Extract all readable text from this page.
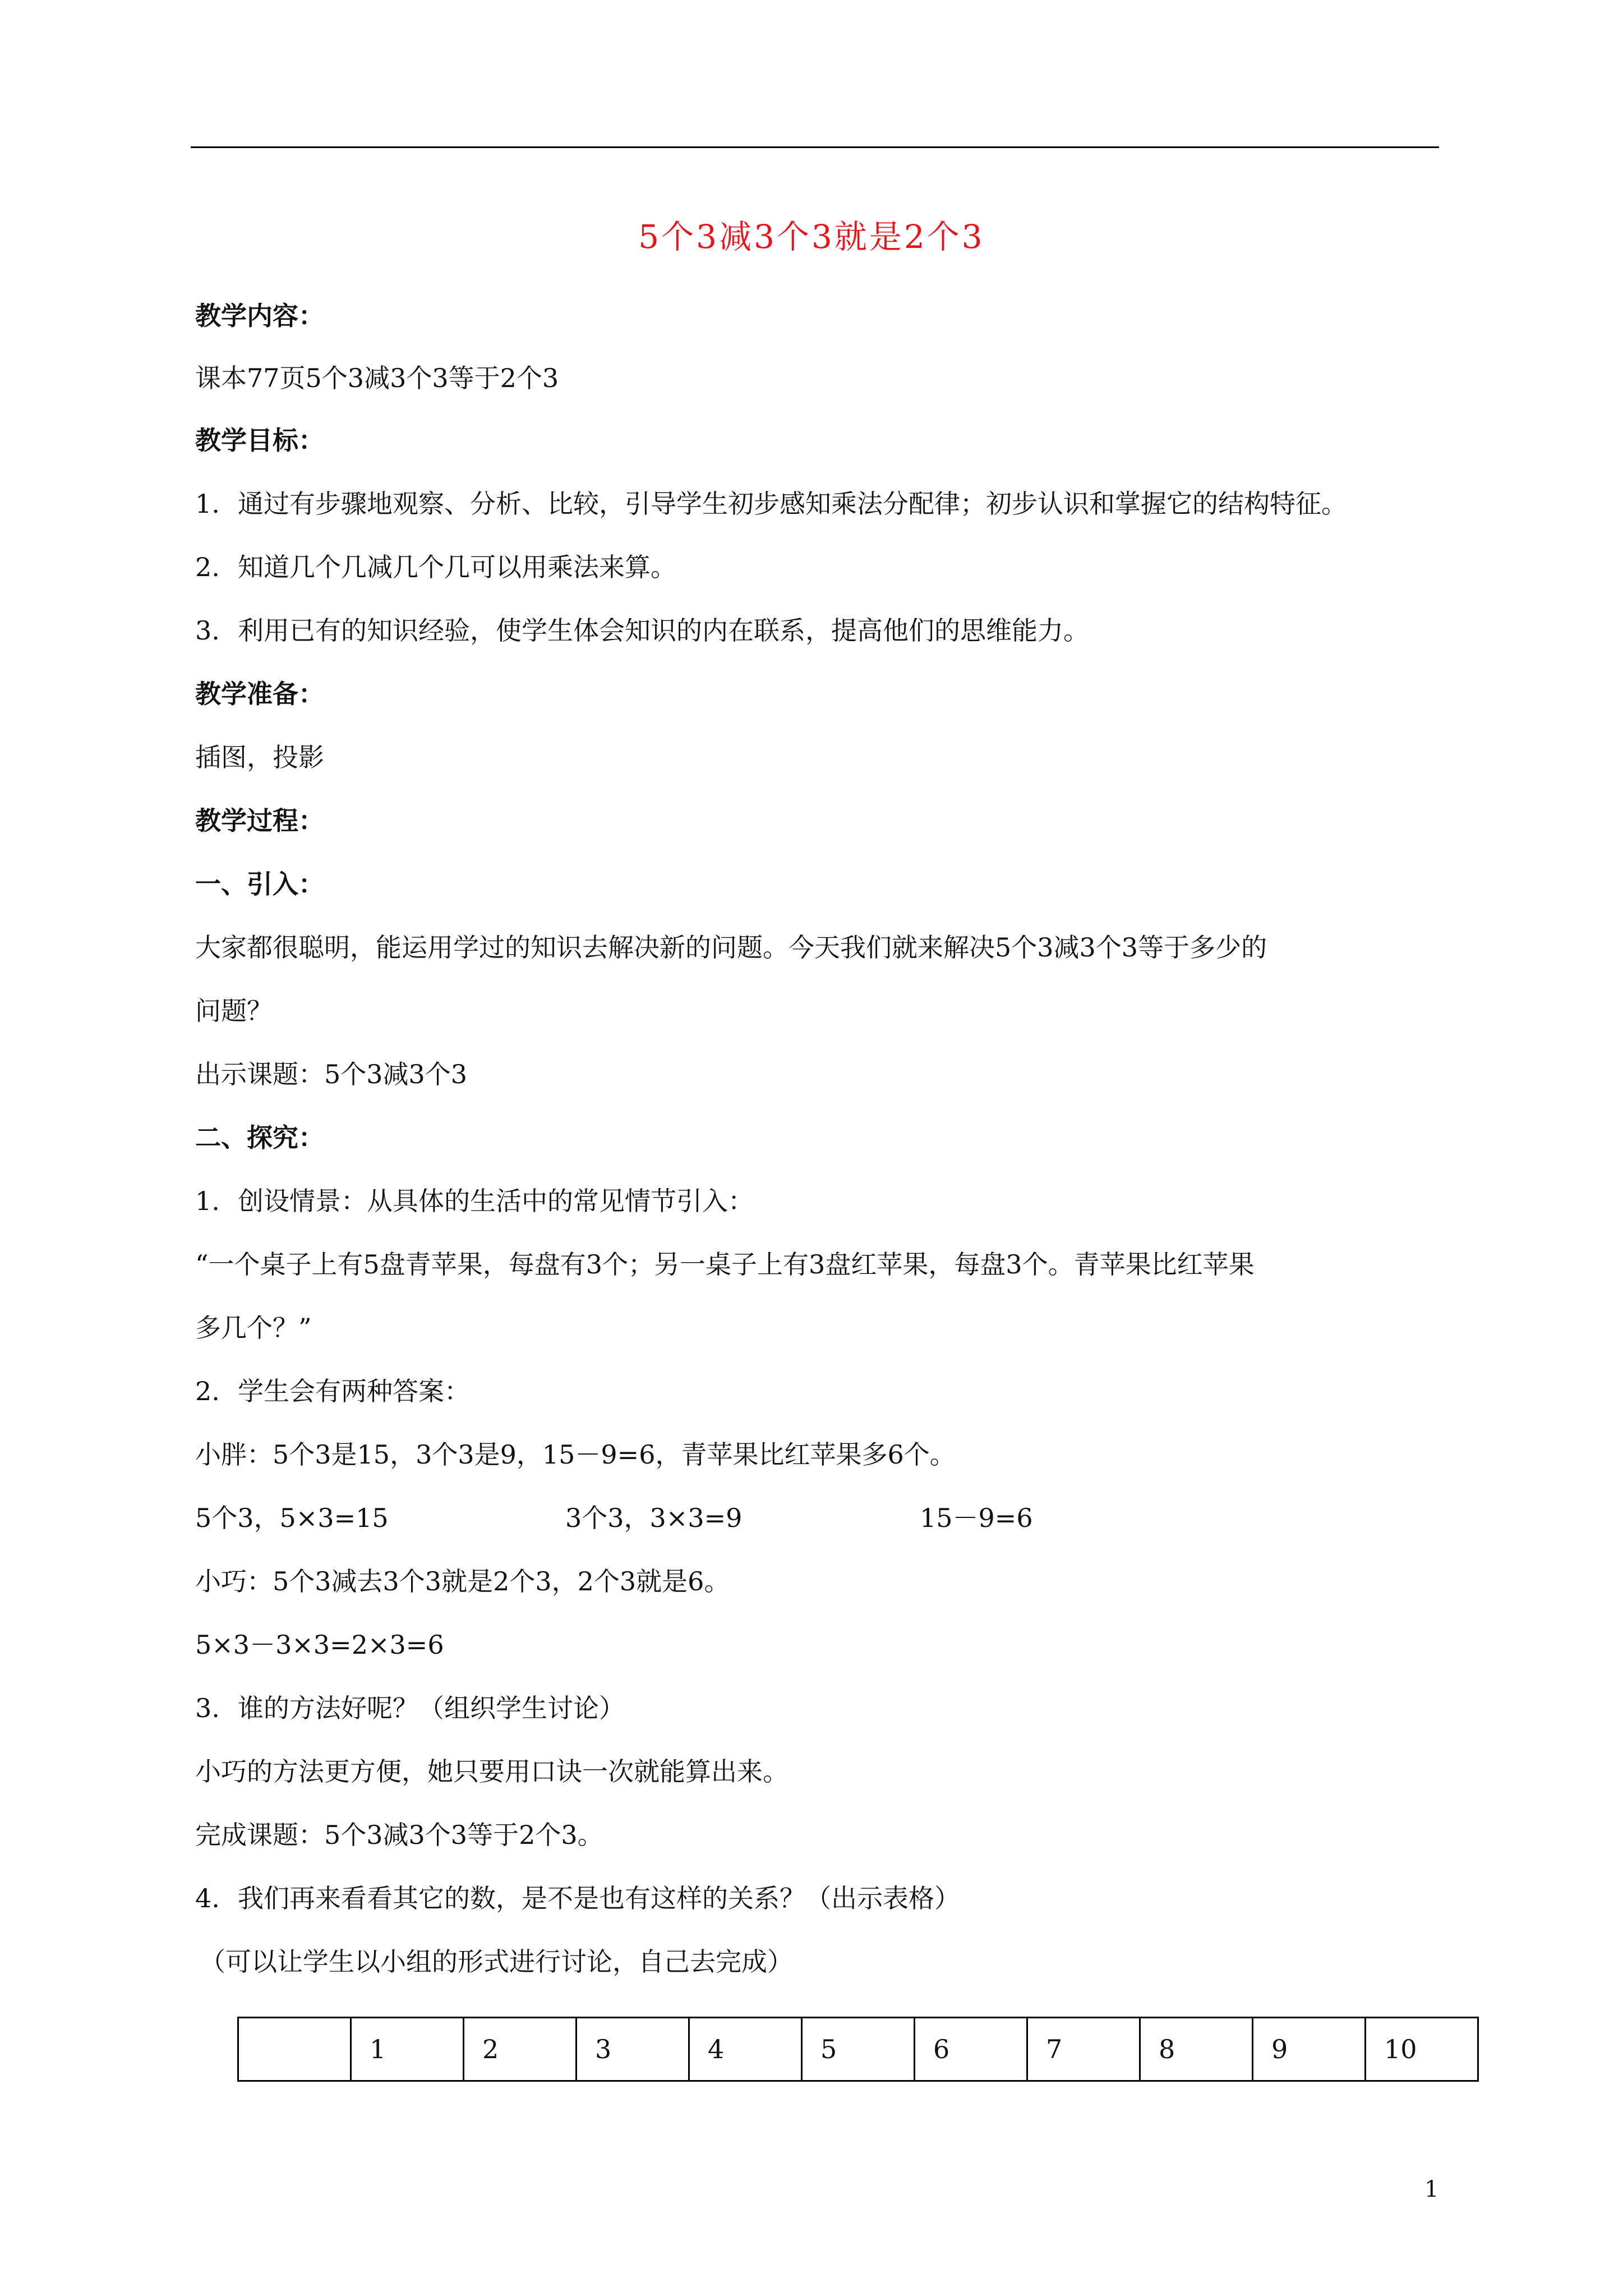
5个3减3个3就是2个3
教学内容：
课本77页5个3减3个3等于2个3
教学目标：
1. 通过有步骤地观察、分析、比较，引导学生初步感知乘法分配律；初步认识和掌握它的结构特征。
2. 知道几个几减几个几可以用乘法来算。
3. 利用已有的知识经验，使学生体会知识的内在联系，提高他们的思维能力。
教学准备：
插图，投影
教学过程：
一、引入：
大家都很聪明，能运用学过的知识去解决新的问题。今天我们就来解决5个3减3个3等于多少的
问题？
出示课题：5个3减3个3
二、探究：
1. 创设情景：从具体的生活中的常见情节引入：
“一个桌子上有5盘青苹果，每盘有3个；另一桌子上有3盘红苹果，每盘3个。青苹果比红苹果
多几个？”
2. 学生会有两种答案：
小胖：5个3是15，3个3是9，15－9=6，青苹果比红苹果多6个。
5个3，5×3=15	3个3，3×3=9	15－9=6
小巧：5个3减去3个3就是2个3，2个3就是6。
5×3－3×3=2×3=6
3. 谁的方法好呢？（组织学生讨论）
小巧的方法更方便，她只要用口诀一次就能算出来。
完成课题：5个3减3个3等于2个3。
4. 我们再来看看其它的数，是不是也有这样的关系？（出示表格）
（可以让学生以小组的形式进行讨论，自己去完成）
	1	2	3	4	5	6	7	8	9	10
1
